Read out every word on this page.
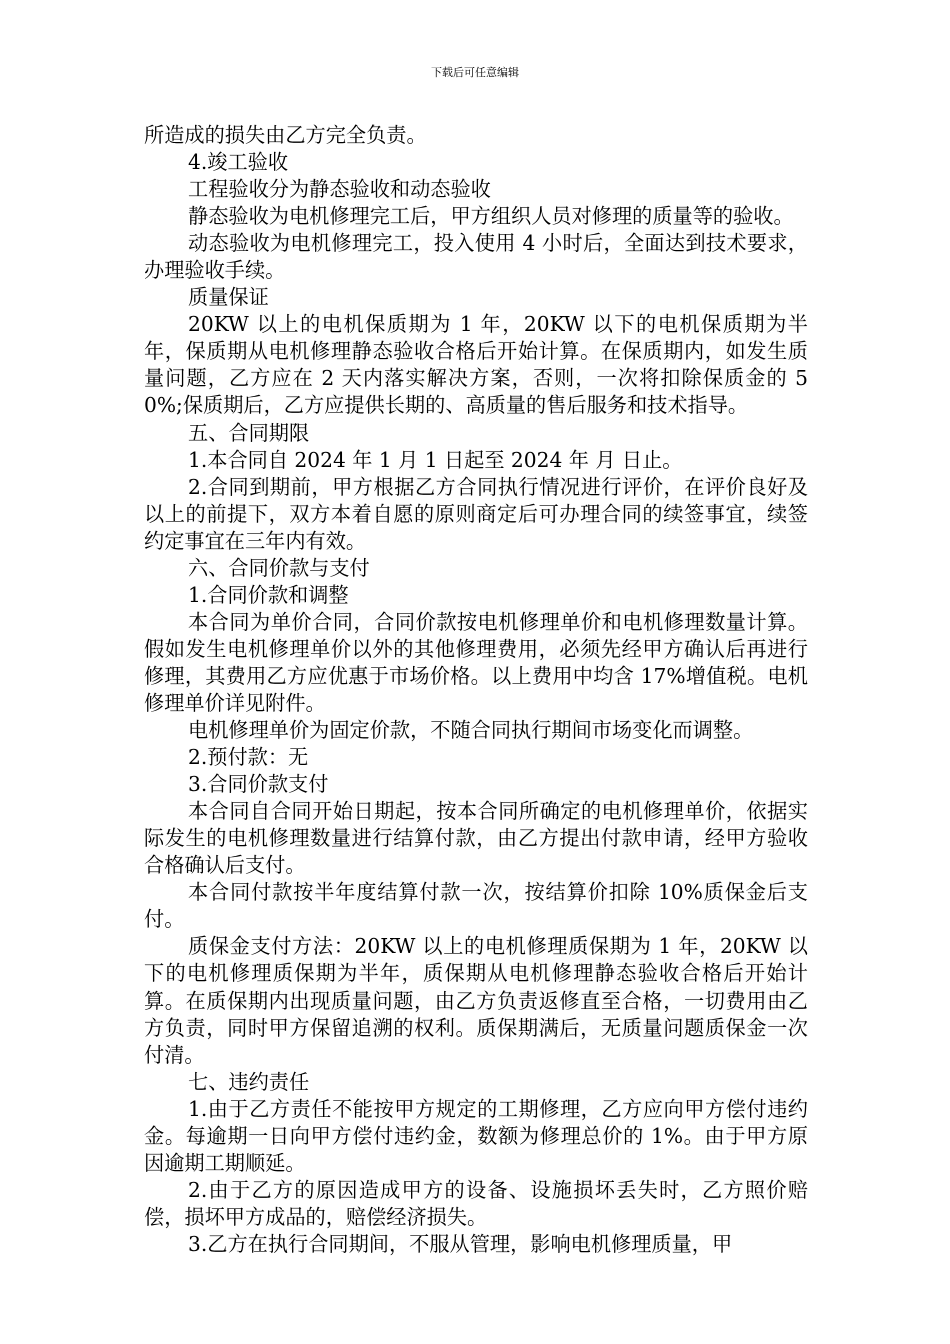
下载后可任意编辑

所造成的损失由乙方完全负责。

4.竣工验收

工程验收分为静态验收和动态验收

静态验收为电机修理完工后，甲方组织人员对修理的质量等的验收。

动态验收为电机修理完工，投入使用 4 小时后，全面达到技术要求，办理验收手续。

质量保证

20KW 以上的电机保质期为 1 年，20KW 以下的电机保质期为半年，保质期从电机修理静态验收合格后开始计算。在保质期内，如发生质量问题，乙方应在 2 天内落实解决方案，否则，一次将扣除保质金的 50%;保质期后，乙方应提供长期的、高质量的售后服务和技术指导。

五、合同期限

1.本合同自 2024 年 1 月 1 日起至 2024 年 月 日止。

2.合同到期前，甲方根据乙方合同执行情况进行评价，在评价良好及以上的前提下，双方本着自愿的原则商定后可办理合同的续签事宜，续签约定事宜在三年内有效。

六、合同价款与支付

1.合同价款和调整

本合同为单价合同，合同价款按电机修理单价和电机修理数量计算。假如发生电机修理单价以外的其他修理费用，必须先经甲方确认后再进行修理，其费用乙方应优惠于市场价格。以上费用中均含 17%增值税。电机修理单价详见附件。

电机修理单价为固定价款，不随合同执行期间市场变化而调整。

2.预付款：无

3.合同价款支付

本合同自合同开始日期起，按本合同所确定的电机修理单价，依据实际发生的电机修理数量进行结算付款，由乙方提出付款申请，经甲方验收合格确认后支付。

本合同付款按半年度结算付款一次，按结算价扣除 10%质保金后支付。

质保金支付方法：20KW 以上的电机修理质保期为 1 年，20KW 以下的电机修理质保期为半年，质保期从电机修理静态验收合格后开始计算。在质保期内出现质量问题，由乙方负责返修直至合格，一切费用由乙方负责，同时甲方保留追溯的权利。质保期满后，无质量问题质保金一次付清。

七、违约责任

1.由于乙方责任不能按甲方规定的工期修理，乙方应向甲方偿付违约金。每逾期一日向甲方偿付违约金，数额为修理总价的 1%。由于甲方原因逾期工期顺延。

2.由于乙方的原因造成甲方的设备、设施损坏丢失时，乙方照价赔偿，损坏甲方成品的，赔偿经济损失。

3.乙方在执行合同期间，不服从管理，影响电机修理质量，甲
